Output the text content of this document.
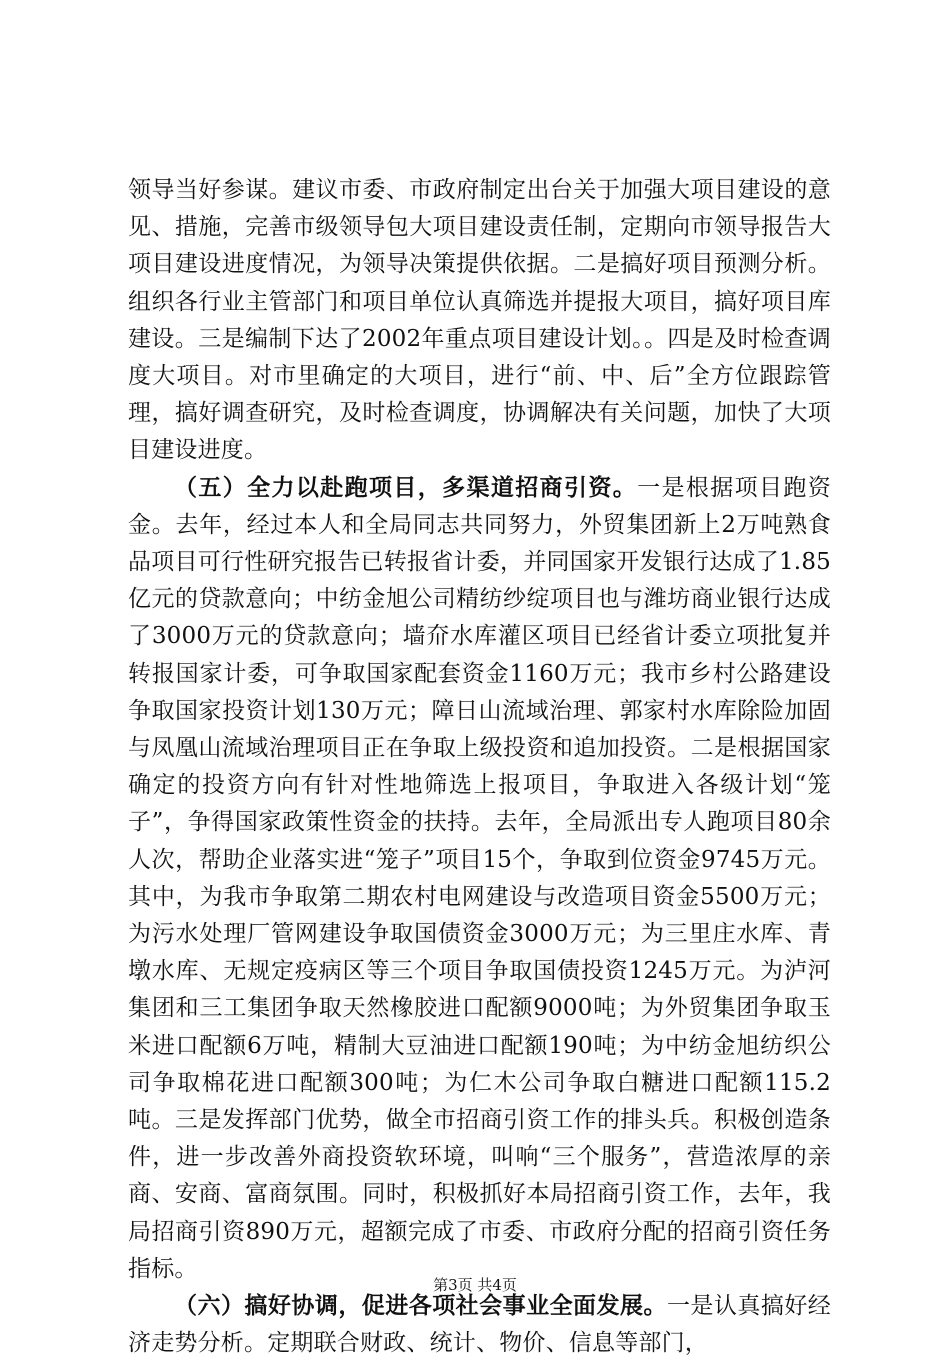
领导当好参谋。建议市委、市政府制定出台关于加强大项目建设的意见、措施，完善市级领导包大项目建设责任制，定期向市领导报告大项目建设进度情况，为领导决策提供依据。二是搞好项目预测分析。组织各行业主管部门和项目单位认真筛选并提报大项目，搞好项目库建设。三是编制下达了2002年重点项目建设计划。。四是及时检查调度大项目。对市里确定的大项目，进行“前、中、后”全方位跟踪管理，搞好调查研究，及时检查调度，协调解决有关问题，加快了大项目建设进度。

（五）全力以赴跑项目，多渠道招商引资。一是根据项目跑资金。去年，经过本人和全局同志共同努力，外贸集团新上2万吨熟食品项目可行性研究报告已转报省计委，并同国家开发银行达成了1.85亿元的贷款意向；中纺金旭公司精纺纱绽项目也与潍坊商业银行达成了3000万元的贷款意向；墙夼水库灌区项目已经省计委立项批复并转报国家计委，可争取国家配套资金1160万元；我市乡村公路建设争取国家投资计划130万元；障日山流域治理、郭家村水库除险加固与凤凰山流域治理项目正在争取上级投资和追加投资。二是根据国家确定的投资方向有针对性地筛选上报项目，争取进入各级计划“笼子”，争得国家政策性资金的扶持。去年，全局派出专人跑项目80余人次，帮助企业落实进“笼子”项目15个，争取到位资金9745万元。其中，为我市争取第二期农村电网建设与改造项目资金5500万元；为污水处理厂管网建设争取国债资金3000万元；为三里庄水库、青墩水库、无规定疫病区等三个项目争取国债投资1245万元。为泸河集团和三工集团争取天然橡胶进口配额9000吨；为外贸集团争取玉米进口配额6万吨，精制大豆油进口配额190吨；为中纺金旭纺织公司争取棉花进口配额300吨；为仁木公司争取白糖进口配额115.2吨。三是发挥部门优势，做全市招商引资工作的排头兵。积极创造条件，进一步改善外商投资软环境，叫响“三个服务”，营造浓厚的亲商、安商、富商氛围。同时，积极抓好本局招商引资工作，去年，我局招商引资890万元，超额完成了市委、市政府分配的招商引资任务指标。

（六）搞好协调，促进各项社会事业全面发展。一是认真搞好经济走势分析。定期联合财政、统计、物价、信息等部门，

第3页 共4页
